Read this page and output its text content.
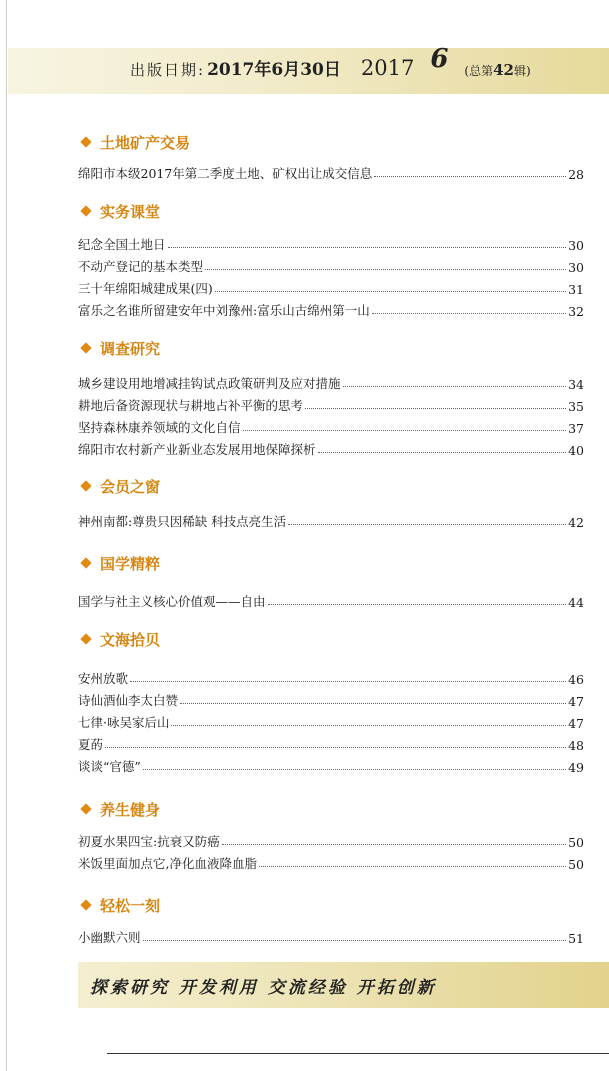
出版日期: 2017年6月30日 2017 6 (总第42辑)
土地矿产交易
绵阳市本级2017年第二季度土地、矿权出让成交信息	28
实务课堂
纪念全国土地日	30
不动产登记的基本类型	30
三十年绵阳城建成果(四)	31
富乐之名谁所留建安年中刘豫州:富乐山古绵州第一山	32
调查研究
城乡建设用地增减挂钩试点政策研判及应对措施	34
耕地后备资源现状与耕地占补平衡的思考	35
坚持森林康养领域的文化自信	37
绵阳市农村新产业新业态发展用地保障探析	40
会员之窗
神州南都:尊贵只因稀缺 科技点亮生活	42
国学精粹
国学与社主义核心价值观——自由	44
文海拾贝
安州放歌	46
诗仙酒仙李太白赞	47
七律·咏吴家后山	47
夏菂	48
谈谈“官德”	49
养生健身
初夏水果四宝:抗衰又防癌	50
米饭里面加点它,净化血液降血脂	50
轻松一刻
小幽默六则	51
探索研究 开发利用 交流经验 开拓创新
